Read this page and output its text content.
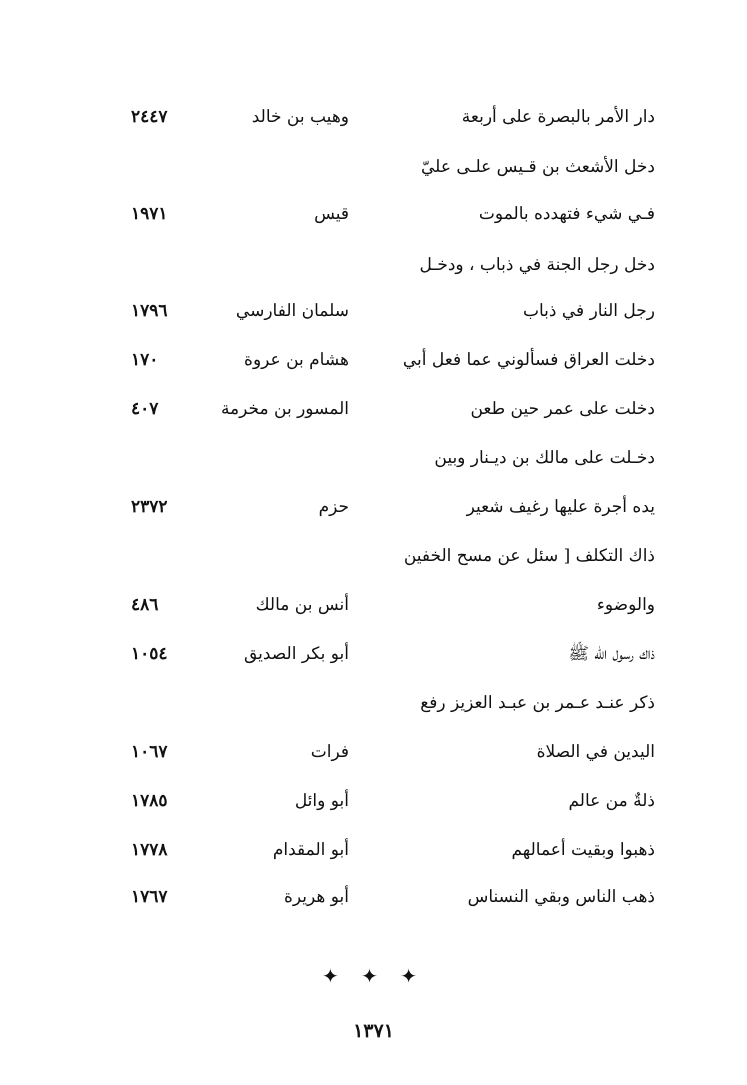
دار الأمر بالبصرة على أربعة
وهيب بن خالد
٢٤٤٧
دخل الأشعث بن قـيس علـى عليّ
فـي شيء فتهدده بالموت
قيس
١٩٧١
دخل رجل الجنة في ذباب ، ودخـل
رجل النار في ذباب
سلمان الفارسي
١٧٩٦
دخلت العراق فسألوني عما فعل أبي
هشام بن عروة
١٧٠
دخلت على عمر حين طعن
المسور بن مخرمة
٤٠٧
دخـلت على مالك بن ديـنار وبين
يده أجرة عليها رغيف شعير
حزم
٢٣٧٢
ذاك التكلف [ سئل عن مسح الخفين
والوضوء
أنس بن مالك
٤٨٦
ذاك رسول الله ﷺ
أبو بكر الصديق
١٠٥٤
ذكر عنـد عـمر بن عبـد العزيز رفع
اليدين في الصلاة
فرات
١٠٦٧
ذلةٌ من عالم
أبو وائل
١٧٨٥
ذهبوا وبقيت أعمالهم
أبو المقدام
١٧٧٨
ذهب الناس وبقي النسناس
أبو هريرة
١٧٦٧
✦ ✦ ✦
١٣٧١
